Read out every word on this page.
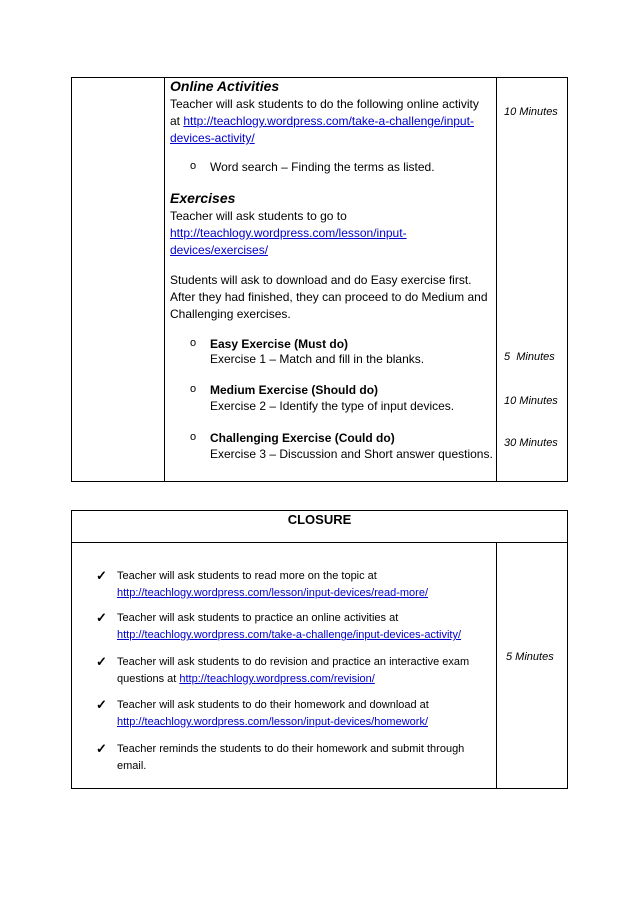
Online Activities
Teacher will ask students to do the following online activity
at http://teachlogy.wordpress.com/take-a-challenge/input-
devices-activity/
10 Minutes
o Word search – Finding the terms as listed.
Exercises
Teacher will ask students to go to
http://teachlogy.wordpress.com/lesson/input-
devices/exercises/
Students will ask to download and do Easy exercise first.
After they had finished, they can proceed to do Medium and
Challenging exercises.
o Easy Exercise (Must do)
Exercise 1 – Match and fill in the blanks.	5  Minutes
o Medium Exercise (Should do)
Exercise 2 – Identify the type of input devices.	10 Minutes
o Challenging Exercise (Could do)
Exercise 3 – Discussion and Short answer questions.
30 Minutes
CLOSURE
✓ Teacher will ask students to read more on the topic at
http://teachlogy.wordpress.com/lesson/input-devices/read-more/
✓ Teacher will ask students to practice an online activities at
http://teachlogy.wordpress.com/take-a-challenge/input-devices-activity/
✓ Teacher will ask students to do revision and practice an interactive exam
questions at http://teachlogy.wordpress.com/revision/
✓ Teacher will ask students to do their homework and download at
http://teachlogy.wordpress.com/lesson/input-devices/homework/
✓ Teacher reminds the students to do their homework and submit through
email.
5 Minutes
